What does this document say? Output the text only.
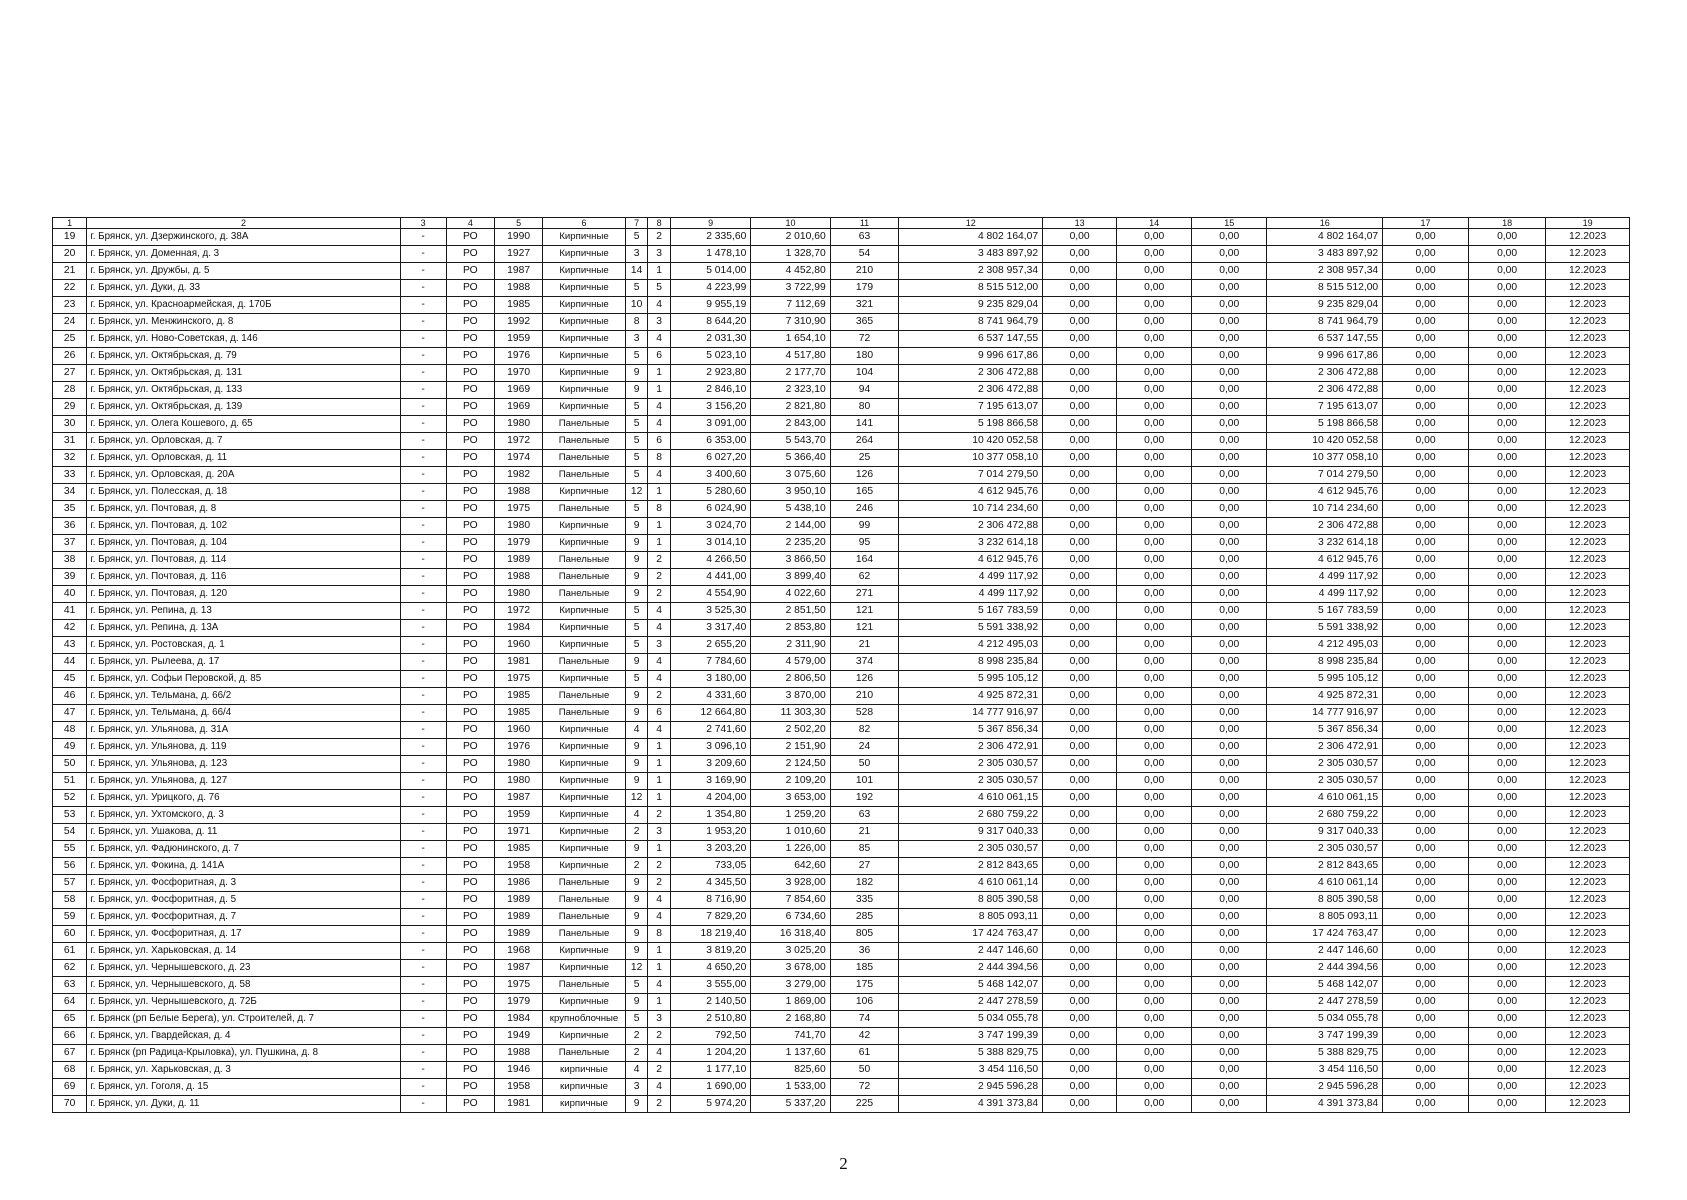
1	2	3	4	5	6	7	8	9	10	11	12	13	14	15	16	17	18	19
19	г. Брянск, ул. Дзержинского, д. 38А	-	РО	1990	Кирпичные	5	2	2 335,60	2 010,60	63	4 802 164,07	0,00	0,00	0,00	4 802 164,07	0,00	0,00	12.2023
20	г. Брянск, ул. Доменная, д. 3	-	РО	1927	Кирпичные	3	3	1 478,10	1 328,70	54	3 483 897,92	0,00	0,00	0,00	3 483 897,92	0,00	0,00	12.2023
21	г. Брянск, ул. Дружбы, д. 5	-	РО	1987	Кирпичные	14	1	5 014,00	4 452,80	210	2 308 957,34	0,00	0,00	0,00	2 308 957,34	0,00	0,00	12.2023
22	г. Брянск, ул. Дуки, д. 33	-	РО	1988	Кирпичные	5	5	4 223,99	3 722,99	179	8 515 512,00	0,00	0,00	0,00	8 515 512,00	0,00	0,00	12.2023
23	г. Брянск, ул. Красноармейская, д. 170Б	-	РО	1985	Кирпичные	10	4	9 955,19	7 112,69	321	9 235 829,04	0,00	0,00	0,00	9 235 829,04	0,00	0,00	12.2023
24	г. Брянск, ул. Менжинского, д. 8	-	РО	1992	Кирпичные	8	3	8 644,20	7 310,90	365	8 741 964,79	0,00	0,00	0,00	8 741 964,79	0,00	0,00	12.2023
25	г. Брянск, ул. Ново-Советская, д. 146	-	РО	1959	Кирпичные	3	4	2 031,30	1 654,10	72	6 537 147,55	0,00	0,00	0,00	6 537 147,55	0,00	0,00	12.2023
26	г. Брянск, ул. Октябрьская, д. 79	-	РО	1976	Кирпичные	5	6	5 023,10	4 517,80	180	9 996 617,86	0,00	0,00	0,00	9 996 617,86	0,00	0,00	12.2023
27	г. Брянск, ул. Октябрьская, д. 131	-	РО	1970	Кирпичные	9	1	2 923,80	2 177,70	104	2 306 472,88	0,00	0,00	0,00	2 306 472,88	0,00	0,00	12.2023
28	г. Брянск, ул. Октябрьская, д. 133	-	РО	1969	Кирпичные	9	1	2 846,10	2 323,10	94	2 306 472,88	0,00	0,00	0,00	2 306 472,88	0,00	0,00	12.2023
29	г. Брянск, ул. Октябрьская, д. 139	-	РО	1969	Кирпичные	5	4	3 156,20	2 821,80	80	7 195 613,07	0,00	0,00	0,00	7 195 613,07	0,00	0,00	12.2023
30	г. Брянск, ул. Олега Кошевого, д. 65	-	РО	1980	Панельные	5	4	3 091,00	2 843,00	141	5 198 866,58	0,00	0,00	0,00	5 198 866,58	0,00	0,00	12.2023
31	г. Брянск, ул. Орловская, д. 7	-	РО	1972	Панельные	5	6	6 353,00	5 543,70	264	10 420 052,58	0,00	0,00	0,00	10 420 052,58	0,00	0,00	12.2023
32	г. Брянск, ул. Орловская, д. 11	-	РО	1974	Панельные	5	8	6 027,20	5 366,40	25	10 377 058,10	0,00	0,00	0,00	10 377 058,10	0,00	0,00	12.2023
33	г. Брянск, ул. Орловская, д. 20А	-	РО	1982	Панельные	5	4	3 400,60	3 075,60	126	7 014 279,50	0,00	0,00	0,00	7 014 279,50	0,00	0,00	12.2023
34	г. Брянск, ул. Полесская, д. 18	-	РО	1988	Кирпичные	12	1	5 280,60	3 950,10	165	4 612 945,76	0,00	0,00	0,00	4 612 945,76	0,00	0,00	12.2023
35	г. Брянск, ул. Почтовая, д. 8	-	РО	1975	Панельные	5	8	6 024,90	5 438,10	246	10 714 234,60	0,00	0,00	0,00	10 714 234,60	0,00	0,00	12.2023
36	г. Брянск, ул. Почтовая, д. 102	-	РО	1980	Кирпичные	9	1	3 024,70	2 144,00	99	2 306 472,88	0,00	0,00	0,00	2 306 472,88	0,00	0,00	12.2023
37	г. Брянск, ул. Почтовая, д. 104	-	РО	1979	Кирпичные	9	1	3 014,10	2 235,20	95	3 232 614,18	0,00	0,00	0,00	3 232 614,18	0,00	0,00	12.2023
38	г. Брянск, ул. Почтовая, д. 114	-	РО	1989	Панельные	9	2	4 266,50	3 866,50	164	4 612 945,76	0,00	0,00	0,00	4 612 945,76	0,00	0,00	12.2023
39	г. Брянск, ул. Почтовая, д. 116	-	РО	1988	Панельные	9	2	4 441,00	3 899,40	62	4 499 117,92	0,00	0,00	0,00	4 499 117,92	0,00	0,00	12.2023
40	г. Брянск, ул. Почтовая, д. 120	-	РО	1980	Панельные	9	2	4 554,90	4 022,60	271	4 499 117,92	0,00	0,00	0,00	4 499 117,92	0,00	0,00	12.2023
41	г. Брянск, ул. Репина, д. 13	-	РО	1972	Кирпичные	5	4	3 525,30	2 851,50	121	5 167 783,59	0,00	0,00	0,00	5 167 783,59	0,00	0,00	12.2023
42	г. Брянск, ул. Репина, д. 13А	-	РО	1984	Кирпичные	5	4	3 317,40	2 853,80	121	5 591 338,92	0,00	0,00	0,00	5 591 338,92	0,00	0,00	12.2023
43	г. Брянск, ул. Ростовская, д. 1	-	РО	1960	Кирпичные	5	3	2 655,20	2 311,90	21	4 212 495,03	0,00	0,00	0,00	4 212 495,03	0,00	0,00	12.2023
44	г. Брянск, ул. Рылеева, д. 17	-	РО	1981	Панельные	9	4	7 784,60	4 579,00	374	8 998 235,84	0,00	0,00	0,00	8 998 235,84	0,00	0,00	12.2023
45	г. Брянск, ул. Софьи Перовской, д. 85	-	РО	1975	Кирпичные	5	4	3 180,00	2 806,50	126	5 995 105,12	0,00	0,00	0,00	5 995 105,12	0,00	0,00	12.2023
46	г. Брянск, ул. Тельмана, д. 66/2	-	РО	1985	Панельные	9	2	4 331,60	3 870,00	210	4 925 872,31	0,00	0,00	0,00	4 925 872,31	0,00	0,00	12.2023
47	г. Брянск, ул. Тельмана, д. 66/4	-	РО	1985	Панельные	9	6	12 664,80	11 303,30	528	14 777 916,97	0,00	0,00	0,00	14 777 916,97	0,00	0,00	12.2023
48	г. Брянск, ул. Ульянова, д. 31А	-	РО	1960	Кирпичные	4	4	2 741,60	2 502,20	82	5 367 856,34	0,00	0,00	0,00	5 367 856,34	0,00	0,00	12.2023
49	г. Брянск, ул. Ульянова, д. 119	-	РО	1976	Кирпичные	9	1	3 096,10	2 151,90	24	2 306 472,91	0,00	0,00	0,00	2 306 472,91	0,00	0,00	12.2023
50	г. Брянск, ул. Ульянова, д. 123	-	РО	1980	Кирпичные	9	1	3 209,60	2 124,50	50	2 305 030,57	0,00	0,00	0,00	2 305 030,57	0,00	0,00	12.2023
51	г. Брянск, ул. Ульянова, д. 127	-	РО	1980	Кирпичные	9	1	3 169,90	2 109,20	101	2 305 030,57	0,00	0,00	0,00	2 305 030,57	0,00	0,00	12.2023
52	г. Брянск, ул. Урицкого, д. 76	-	РО	1987	Кирпичные	12	1	4 204,00	3 653,00	192	4 610 061,15	0,00	0,00	0,00	4 610 061,15	0,00	0,00	12.2023
53	г. Брянск, ул. Ухтомского, д. 3	-	РО	1959	Кирпичные	4	2	1 354,80	1 259,20	63	2 680 759,22	0,00	0,00	0,00	2 680 759,22	0,00	0,00	12.2023
54	г. Брянск, ул. Ушакова, д. 11	-	РО	1971	Кирпичные	2	3	1 953,20	1 010,60	21	9 317 040,33	0,00	0,00	0,00	9 317 040,33	0,00	0,00	12.2023
55	г. Брянск, ул. Фадюнинского, д. 7	-	РО	1985	Кирпичные	9	1	3 203,20	1 226,00	85	2 305 030,57	0,00	0,00	0,00	2 305 030,57	0,00	0,00	12.2023
56	г. Брянск, ул. Фокина, д. 141А	-	РО	1958	Кирпичные	2	2	733,05	642,60	27	2 812 843,65	0,00	0,00	0,00	2 812 843,65	0,00	0,00	12.2023
57	г. Брянск, ул. Фосфоритная, д. 3	-	РО	1986	Панельные	9	2	4 345,50	3 928,00	182	4 610 061,14	0,00	0,00	0,00	4 610 061,14	0,00	0,00	12.2023
58	г. Брянск, ул. Фосфоритная, д. 5	-	РО	1989	Панельные	9	4	8 716,90	7 854,60	335	8 805 390,58	0,00	0,00	0,00	8 805 390,58	0,00	0,00	12.2023
59	г. Брянск, ул. Фосфоритная, д. 7	-	РО	1989	Панельные	9	4	7 829,20	6 734,60	285	8 805 093,11	0,00	0,00	0,00	8 805 093,11	0,00	0,00	12.2023
60	г. Брянск, ул. Фосфоритная, д. 17	-	РО	1989	Панельные	9	8	18 219,40	16 318,40	805	17 424 763,47	0,00	0,00	0,00	17 424 763,47	0,00	0,00	12.2023
61	г. Брянск, ул. Харьковская, д. 14	-	РО	1968	Кирпичные	9	1	3 819,20	3 025,20	36	2 447 146,60	0,00	0,00	0,00	2 447 146,60	0,00	0,00	12.2023
62	г. Брянск, ул. Чернышевского, д. 23	-	РО	1987	Кирпичные	12	1	4 650,20	3 678,00	185	2 444 394,56	0,00	0,00	0,00	2 444 394,56	0,00	0,00	12.2023
63	г. Брянск, ул. Чернышевского, д. 58	-	РО	1975	Панельные	5	4	3 555,00	3 279,00	175	5 468 142,07	0,00	0,00	0,00	5 468 142,07	0,00	0,00	12.2023
64	г. Брянск, ул. Чернышевского, д. 72Б	-	РО	1979	Кирпичные	9	1	2 140,50	1 869,00	106	2 447 278,59	0,00	0,00	0,00	2 447 278,59	0,00	0,00	12.2023
65	г. Брянск (рп Белые Берега), ул. Строителей, д. 7	-	РО	1984	крупноблочные	5	3	2 510,80	2 168,80	74	5 034 055,78	0,00	0,00	0,00	5 034 055,78	0,00	0,00	12.2023
66	г. Брянск, ул. Гвардейская, д. 4	-	РО	1949	Кирпичные	2	2	792,50	741,70	42	3 747 199,39	0,00	0,00	0,00	3 747 199,39	0,00	0,00	12.2023
67	г. Брянск (рп Радица-Крыловка), ул. Пушкина, д. 8	-	РО	1988	Панельные	2	4	1 204,20	1 137,60	61	5 388 829,75	0,00	0,00	0,00	5 388 829,75	0,00	0,00	12.2023
68	г. Брянск, ул. Харьковская, д. 3	-	РО	1946	кирпичные	4	2	1 177,10	825,60	50	3 454 116,50	0,00	0,00	0,00	3 454 116,50	0,00	0,00	12.2023
69	г. Брянск, ул. Гоголя, д. 15	-	РО	1958	кирпичные	3	4	1 690,00	1 533,00	72	2 945 596,28	0,00	0,00	0,00	2 945 596,28	0,00	0,00	12.2023
70	г. Брянск, ул. Дуки, д. 11	-	РО	1981	кирпичные	9	2	5 974,20	5 337,20	225	4 391 373,84	0,00	0,00	0,00	4 391 373,84	0,00	0,00	12.2023
2
